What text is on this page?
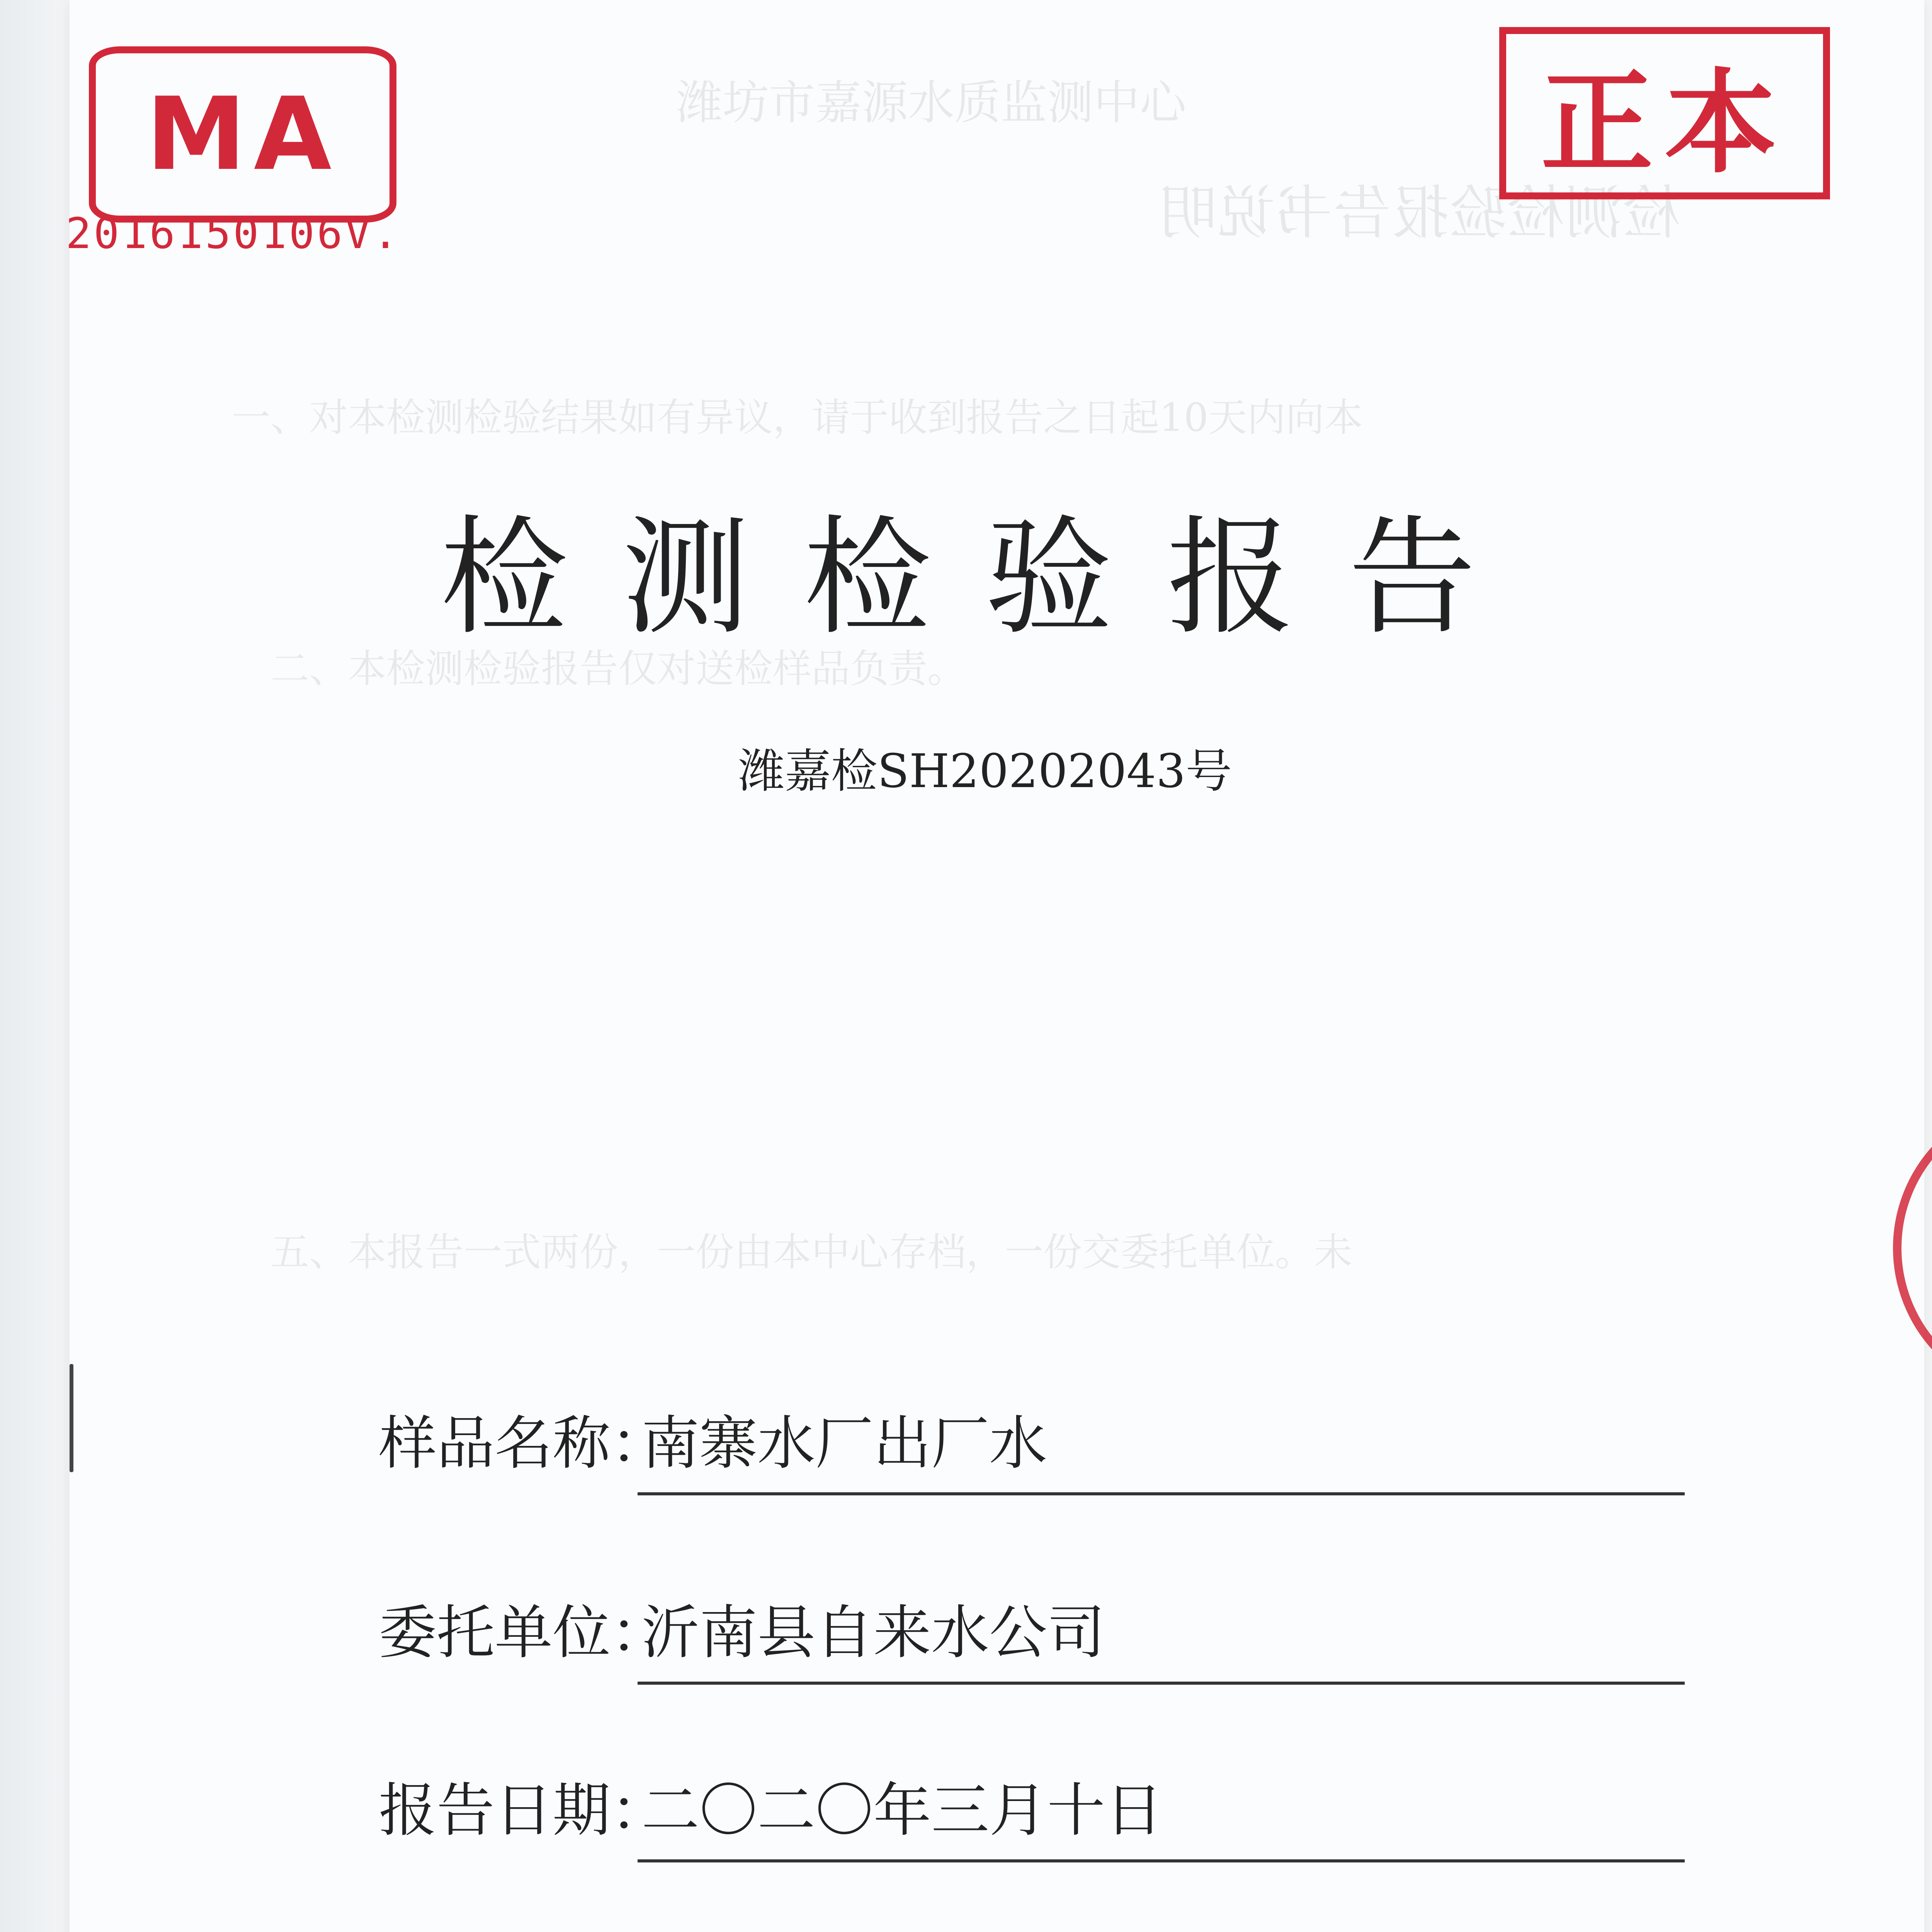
潍坊市嘉源水质监测中心
检测检验报告书说明
一、对本检测检验结果如有异议，请于收到报告之日起10天内向本
二、本检测检验报告仅对送检样品负责。
五、本报告一式两份，一份由本中心存档，一份交委托单位。未
MA
2016150106V.
正本
检测检验报告
潍嘉检SH20202043号
样品名称：
南寨水厂出厂水
委托单位：
沂南县自来水公司
报告日期：
二〇二〇年三月十日
